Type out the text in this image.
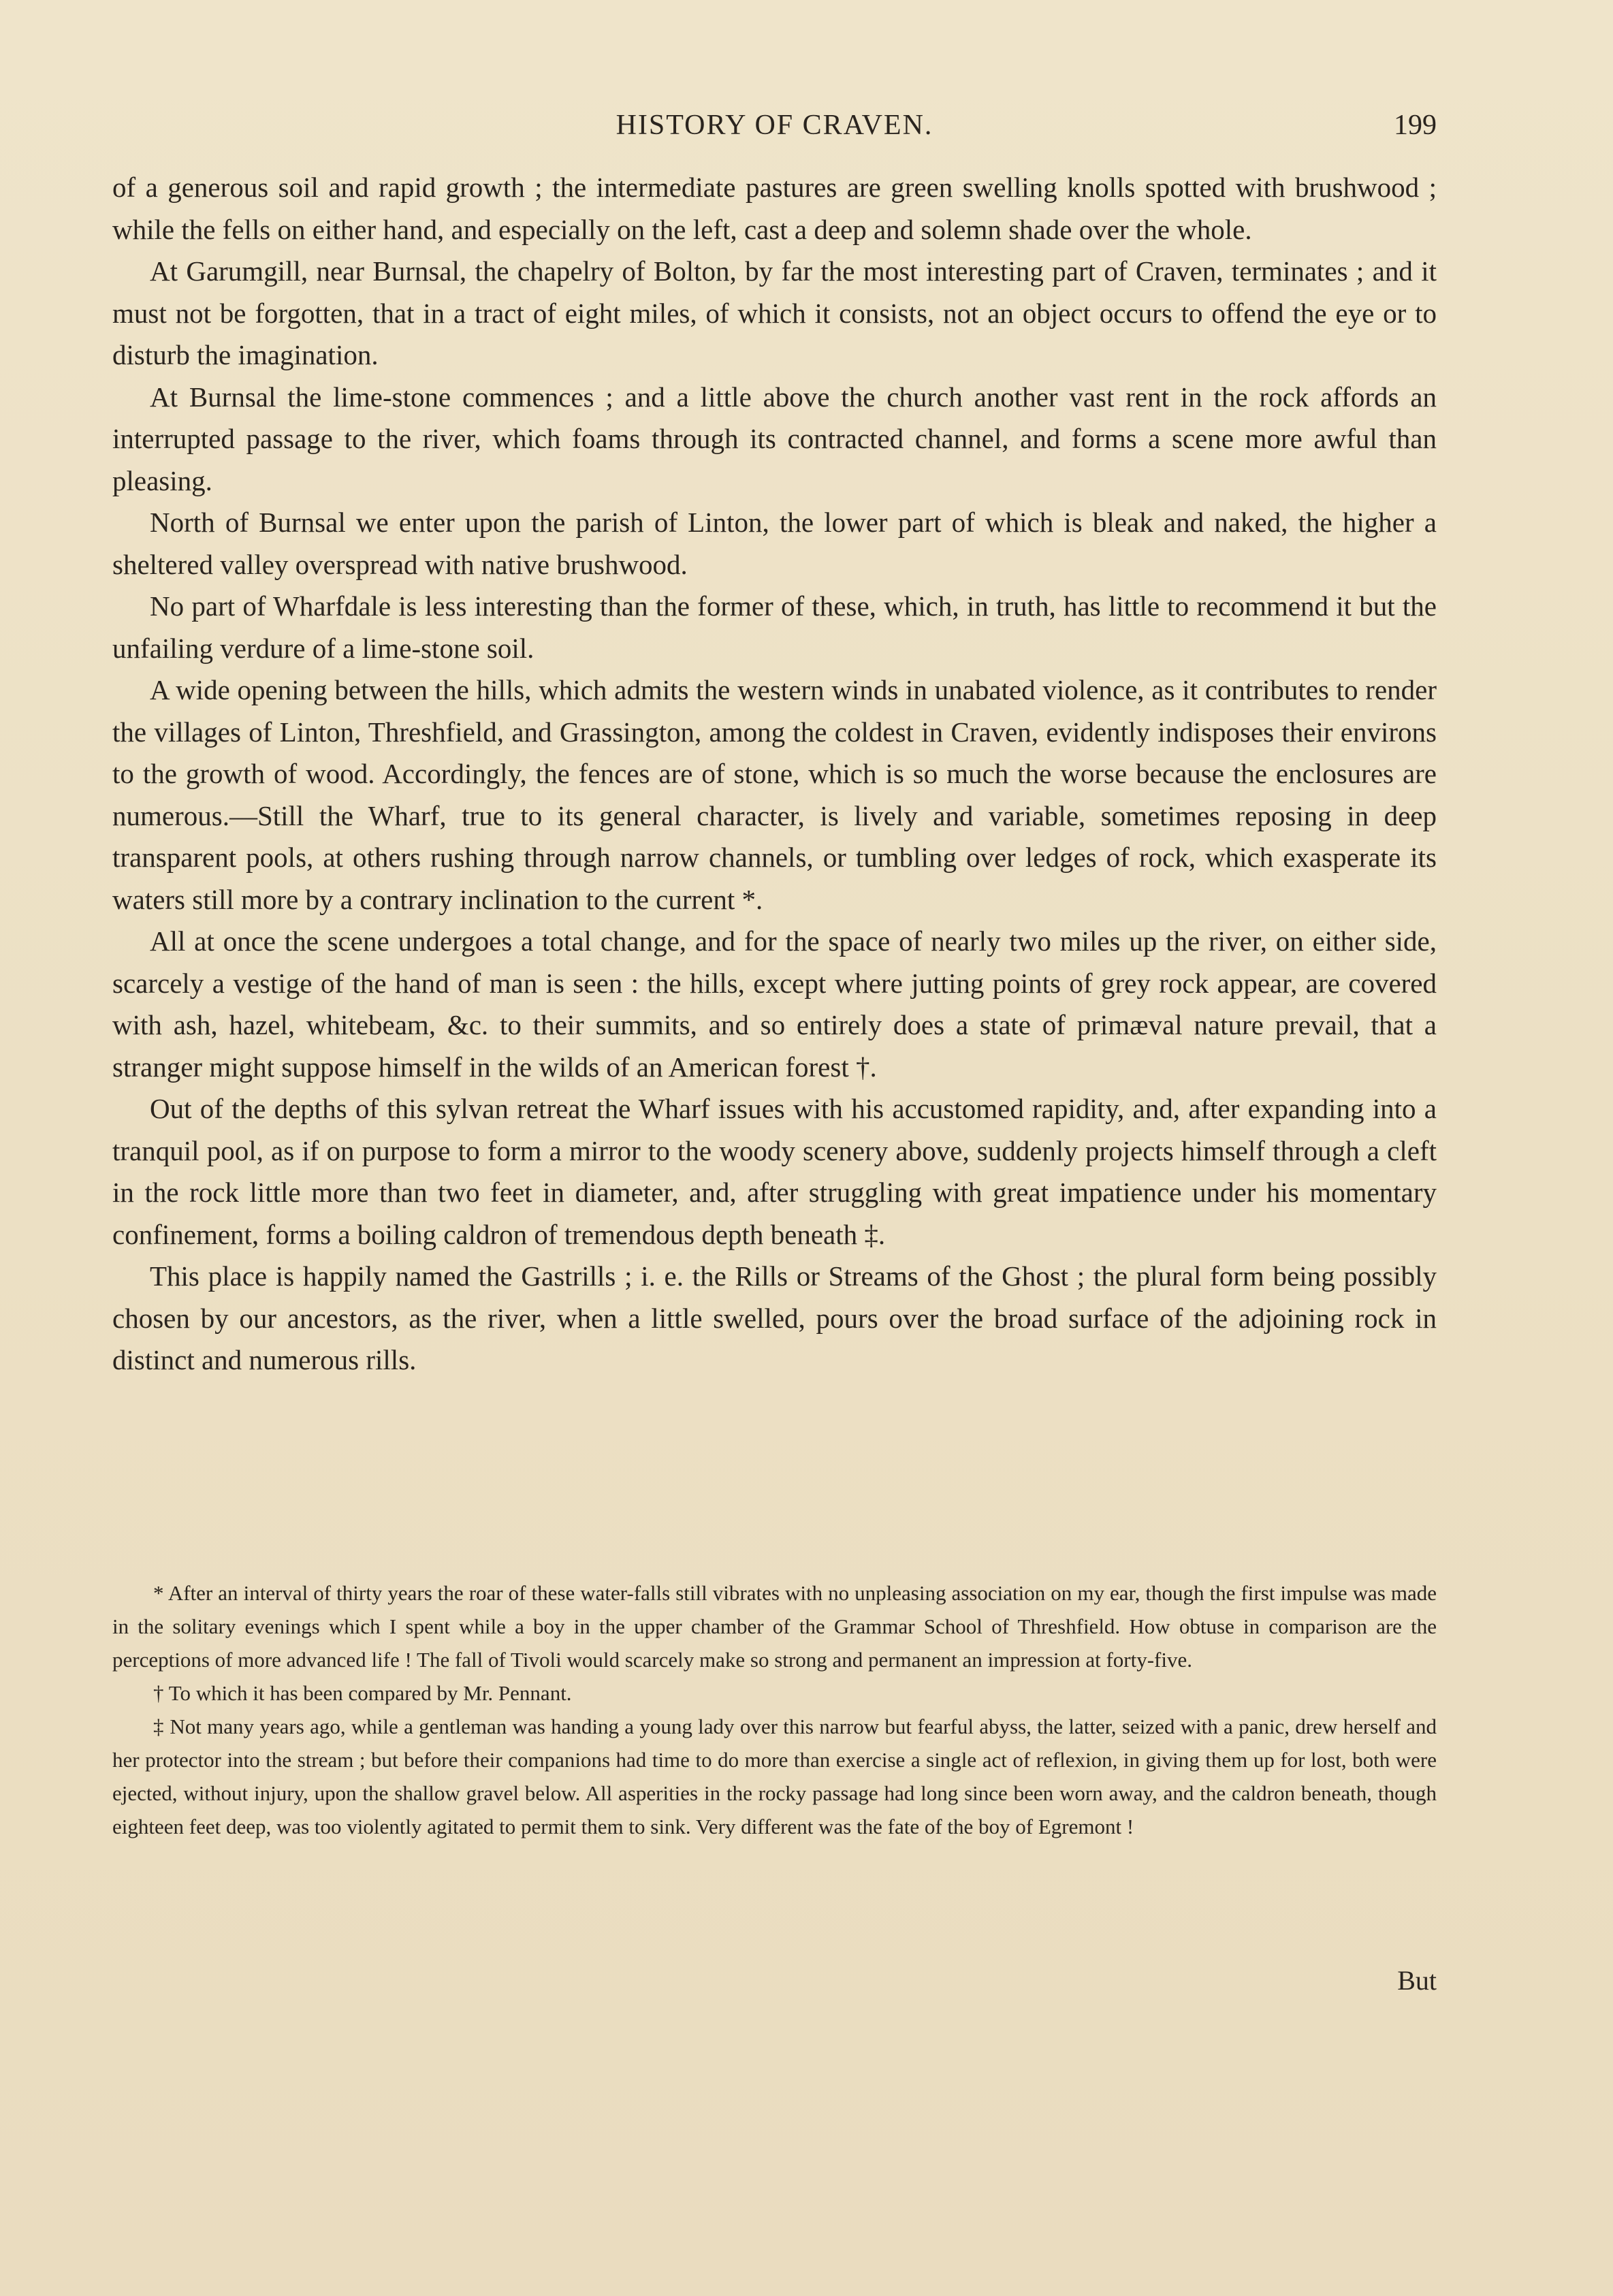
HISTORY OF CRAVEN.	199

of a generous soil and rapid growth ; the intermediate pastures are green swelling knolls spotted with brushwood ; while the fells on either hand, and especially on the left, cast a deep and solemn shade over the whole.

At Garumgill, near Burnsal, the chapelry of Bolton, by far the most interesting part of Craven, terminates ; and it must not be forgotten, that in a tract of eight miles, of which it consists, not an object occurs to offend the eye or to disturb the imagination.

At Burnsal the lime-stone commences ; and a little above the church another vast rent in the rock affords an interrupted passage to the river, which foams through its contracted channel, and forms a scene more awful than pleasing.

North of Burnsal we enter upon the parish of Linton, the lower part of which is bleak and naked, the higher a sheltered valley overspread with native brushwood.

No part of Wharfdale is less interesting than the former of these, which, in truth, has little to recommend it but the unfailing verdure of a lime-stone soil.

A wide opening between the hills, which admits the western winds in unabated violence, as it contributes to render the villages of Linton, Threshfield, and Grassington, among the coldest in Craven, evidently indisposes their environs to the growth of wood. Accordingly, the fences are of stone, which is so much the worse because the enclosures are numerous.—Still the Wharf, true to its general character, is lively and variable, sometimes reposing in deep transparent pools, at others rushing through narrow channels, or tumbling over ledges of rock, which exasperate its waters still more by a contrary inclination to the current *.

All at once the scene undergoes a total change, and for the space of nearly two miles up the river, on either side, scarcely a vestige of the hand of man is seen : the hills, except where jutting points of grey rock appear, are covered with ash, hazel, whitebeam, &c. to their summits, and so entirely does a state of primæval nature prevail, that a stranger might suppose himself in the wilds of an American forest †.

Out of the depths of this sylvan retreat the Wharf issues with his accustomed rapidity, and, after expanding into a tranquil pool, as if on purpose to form a mirror to the woody scenery above, suddenly projects himself through a cleft in the rock little more than two feet in diameter, and, after struggling with great impatience under his momentary confinement, forms a boiling caldron of tremendous depth beneath ‡.

This place is happily named the Gastrills ; i. e. the Rills or Streams of the Ghost ; the plural form being possibly chosen by our ancestors, as the river, when a little swelled, pours over the broad surface of the adjoining rock in distinct and numerous rills.

* After an interval of thirty years the roar of these water-falls still vibrates with no unpleasing association on my ear, though the first impulse was made in the solitary evenings which I spent while a boy in the upper chamber of the Grammar School of Threshfield. How obtuse in comparison are the perceptions of more advanced life ! The fall of Tivoli would scarcely make so strong and permanent an impression at forty-five.

† To which it has been compared by Mr. Pennant.

‡ Not many years ago, while a gentleman was handing a young lady over this narrow but fearful abyss, the latter, seized with a panic, drew herself and her protector into the stream ; but before their companions had time to do more than exercise a single act of reflexion, in giving them up for lost, both were ejected, without injury, upon the shallow gravel below. All asperities in the rocky passage had long since been worn away, and the caldron beneath, though eighteen feet deep, was too violently agitated to permit them to sink. Very different was the fate of the boy of Egremont !

But
